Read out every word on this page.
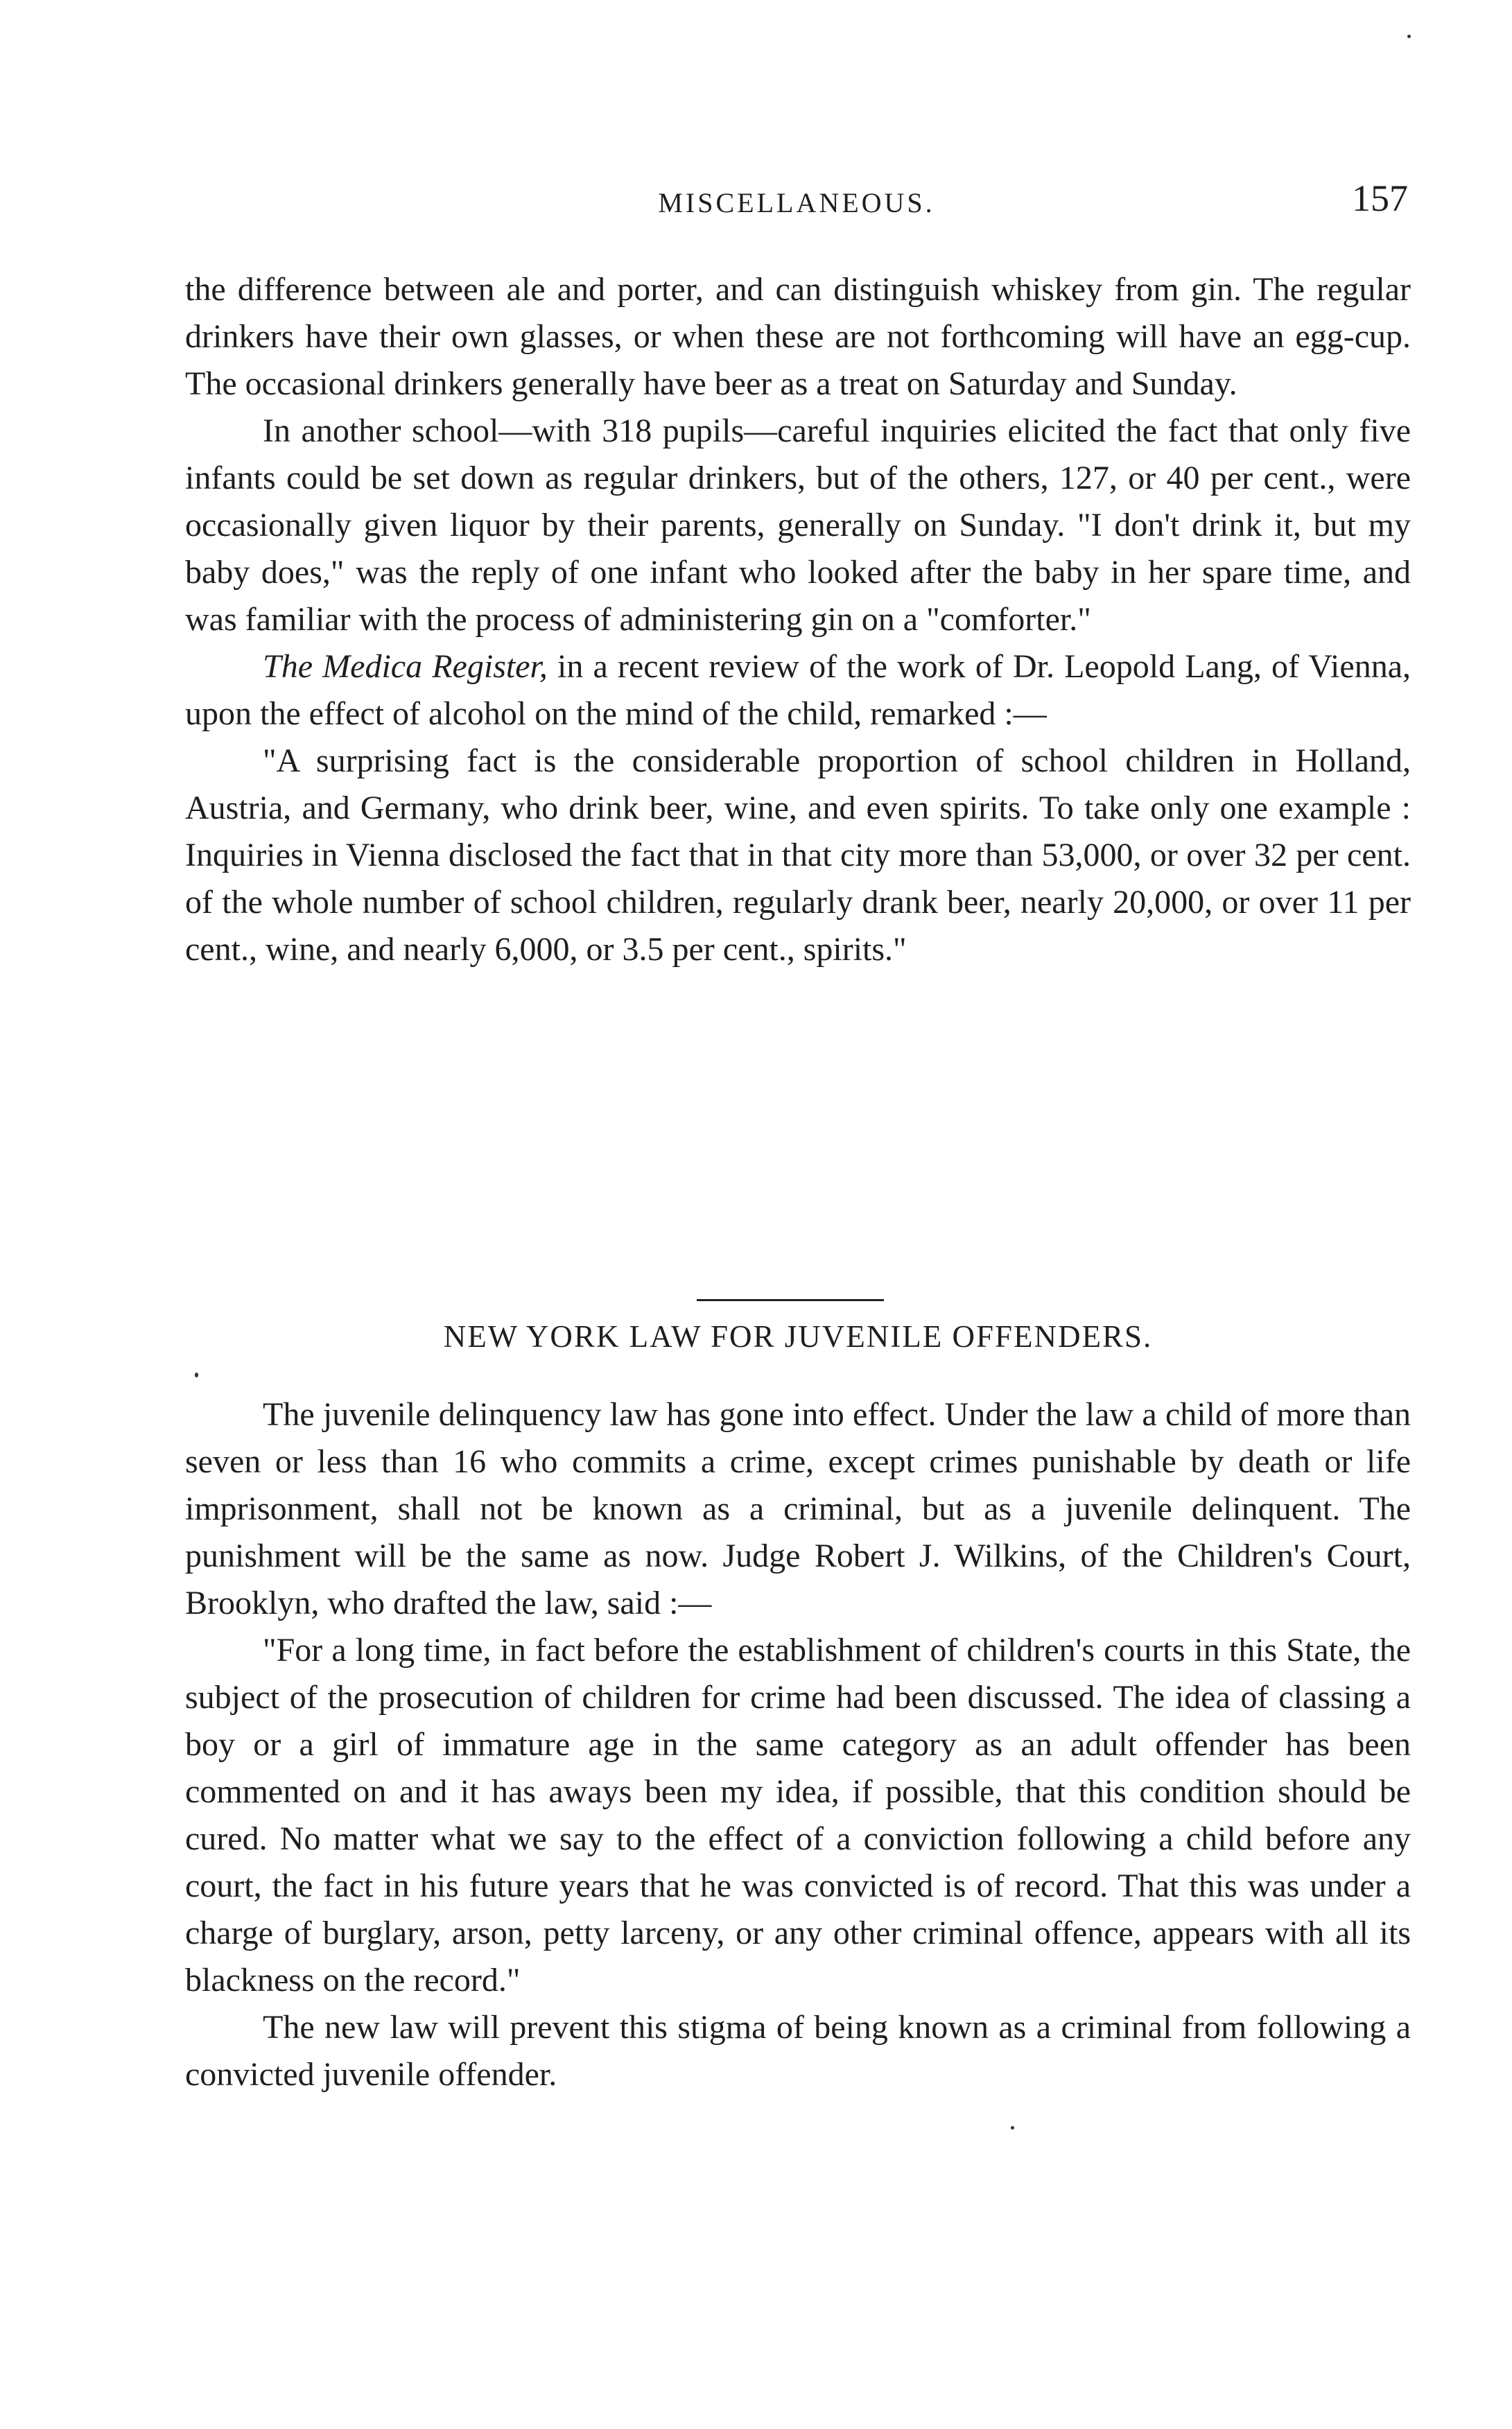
MISCELLANEOUS.	157

the difference between ale and porter, and can distinguish whiskey from gin. The regular drinkers have their own glasses, or when these are not forthcoming will have an egg-cup. The occasional drinkers generally have beer as a treat on Saturday and Sunday.

In another school—with 318 pupils—careful inquiries elicited the fact that only five infants could be set down as regular drinkers, but of the others, 127, or 40 per cent., were occasionally given liquor by their parents, generally on Sunday. "I don't drink it, but my baby does," was the reply of one infant who looked after the baby in her spare time, and was familiar with the process of administering gin on a "comforter."

The Medica Register, in a recent review of the work of Dr. Leopold Lang, of Vienna, upon the effect of alcohol on the mind of the child, remarked :—

"A surprising fact is the considerable proportion of school children in Holland, Austria, and Germany, who drink beer, wine, and even spirits. To take only one example : Inquiries in Vienna disclosed the fact that in that city more than 53,000, or over 32 per cent. of the whole number of school children, regularly drank beer, nearly 20,000, or over 11 per cent., wine, and nearly 6,000, or 3.5 per cent., spirits."

NEW YORK LAW FOR JUVENILE OFFENDERS.

The juvenile delinquency law has gone into effect. Under the law a child of more than seven or less than 16 who commits a crime, except crimes punishable by death or life imprisonment, shall not be known as a criminal, but as a juvenile delinquent. The punishment will be the same as now. Judge Robert J. Wilkins, of the Children's Court, Brooklyn, who drafted the law, said :—

"For a long time, in fact before the establishment of children's courts in this State, the subject of the prosecution of children for crime had been discussed. The idea of classing a boy or a girl of immature age in the same category as an adult offender has been commented on and it has aways been my idea, if possible, that this condition should be cured. No matter what we say to the effect of a conviction following a child before any court, the fact in his future years that he was convicted is of record. That this was under a charge of burglary, arson, petty larceny, or any other criminal offence, appears with all its blackness on the record."

The new law will prevent this stigma of being known as a criminal from following a convicted juvenile offender.
